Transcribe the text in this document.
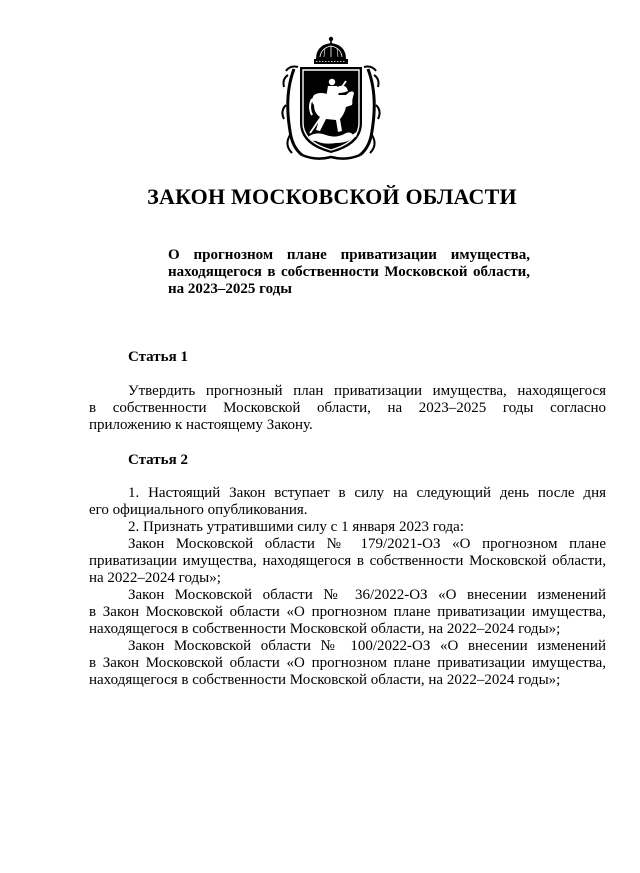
ЗАКОН МОСКОВСКОЙ ОБЛАСТИ
О прогнозном плане приватизации имущества,
находящегося в собственности Московской области,
на 2023–2025 годы
Статья 1
Утвердить прогнозный план приватизации имущества, находящегося
в собственности Московской области, на 2023–2025 годы согласно
приложению к настоящему Закону.
Статья 2
1. Настоящий Закон вступает в силу на следующий день после дня
его официального опубликования.
2. Признать утратившими силу с 1 января 2023 года:
Закон Московской области № 179/2021-ОЗ «О прогнозном плане
приватизации имущества, находящегося в собственности Московской области,
на 2022–2024 годы»;
Закон Московской области № 36/2022-ОЗ «О внесении изменений
в Закон Московской области «О прогнозном плане приватизации имущества,
находящегося в собственности Московской области, на 2022–2024 годы»;
Закон Московской области № 100/2022-ОЗ «О внесении изменений
в Закон Московской области «О прогнозном плане приватизации имущества,
находящегося в собственности Московской области, на 2022–2024 годы»;
